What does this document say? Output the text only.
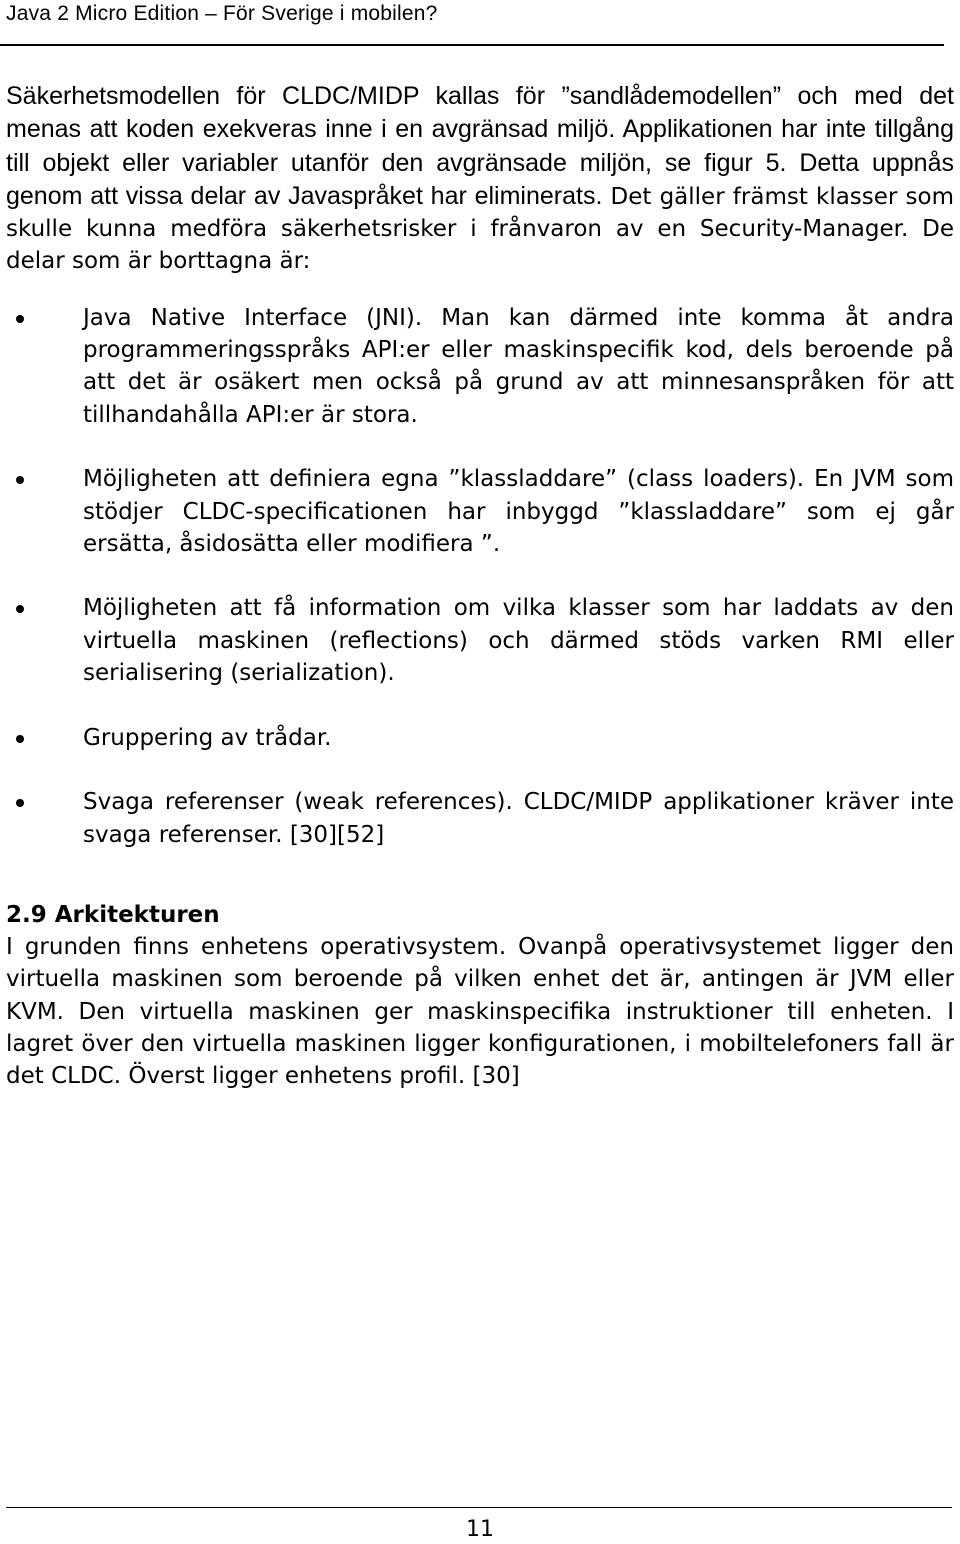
Java 2 Micro Edition – För Sverige i mobilen?

Säkerhetsmodellen för CLDC/MIDP kallas för ”sandlådemodellen” och med det menas att koden exekveras inne i en avgränsad miljö. Applikationen har inte tillgång till objekt eller variabler utanför den avgränsade miljön, se figur 5. Detta uppnås genom att vissa delar av Javaspråket har eliminerats. Det gäller främst klasser som skulle kunna medföra säkerhetsrisker i frånvaron av en Security-Manager. De delar som är borttagna är:

Java Native Interface (JNI). Man kan därmed inte komma åt andra programmeringsspråks API:er eller maskinspecifik kod, dels beroende på att det är osäkert men också på grund av att minnesanspråken för att tillhandahålla API:er är stora.

Möjligheten att definiera egna ”klassladdare” (class loaders). En JVM som stödjer CLDC-specificationen har inbyggd ”klassladdare” som ej går ersätta, åsidosätta eller modifiera ”.

Möjligheten att få information om vilka klasser som har laddats av den virtuella maskinen (reflections) och därmed stöds varken RMI eller serialisering (serialization).

Gruppering av trådar.

Svaga referenser (weak references). CLDC/MIDP applikationer kräver inte svaga referenser. [30][52]

2.9 Arkitekturen

I grunden finns enhetens operativsystem. Ovanpå operativsystemet ligger den virtuella maskinen som beroende på vilken enhet det är, antingen är JVM eller KVM. Den virtuella maskinen ger maskinspecifika instruktioner till enheten. I lagret över den virtuella maskinen ligger konfigurationen, i mobiltelefoners fall är det CLDC. Överst ligger enhetens profil. [30]

11
